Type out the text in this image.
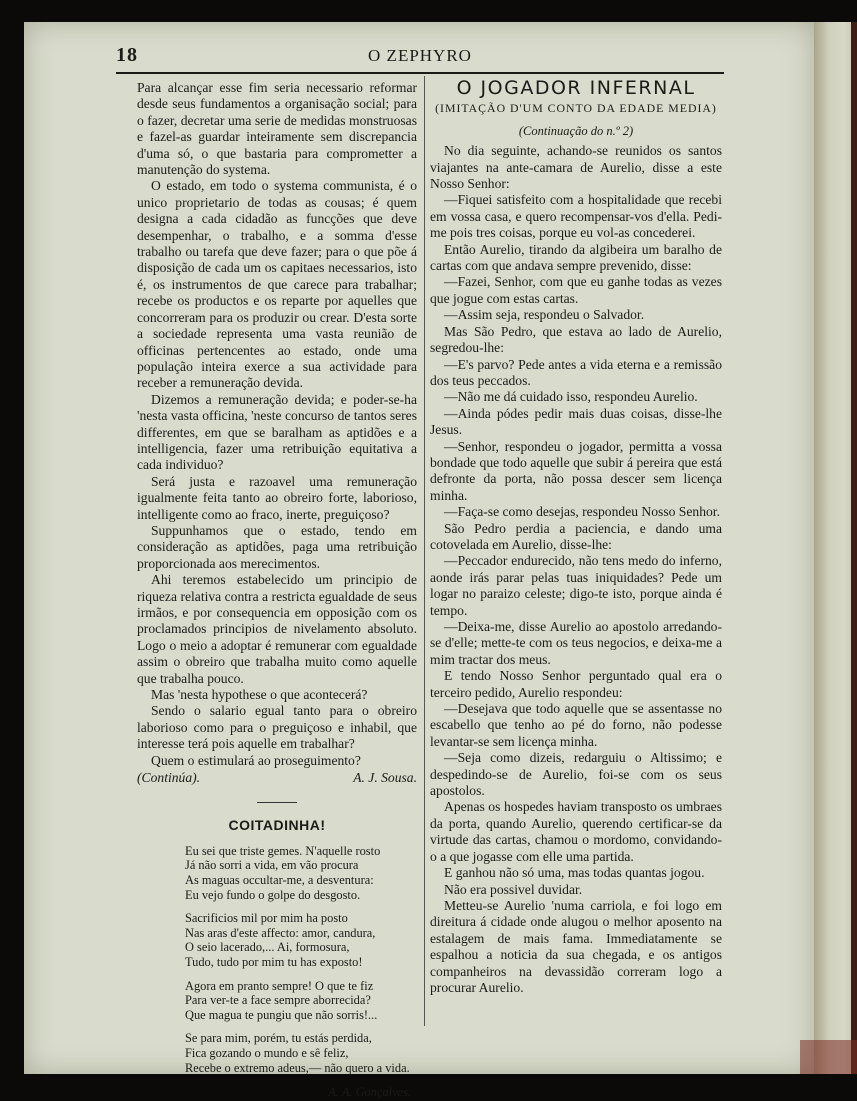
18	O ZEPHYRO

Para alcançar esse fim seria necessario reformar desde seus fundamentos a organisação social; para o fazer, decretar uma serie de medidas monstruosas e fazel-as guardar inteiramente sem discrepancia d'uma só, o que bastaria para comprometter a manutenção do systema.

O estado, em todo o systema communista, é o unico proprietario de todas as cousas; é quem designa a cada cidadão as funcções que deve desempenhar, o trabalho, e a somma d'esse trabalho ou tarefa que deve fazer; para o que põe á disposição de cada um os capitaes necessarios, isto é, os instrumentos de que carece para trabalhar; recebe os productos e os reparte por aquelles que concorreram para os produzir ou crear. D'esta sorte a sociedade representa uma vasta reunião de officinas pertencentes ao estado, onde uma população inteira exerce a sua actividade para receber a remuneração devida.

Dizemos a remuneração devida; e poder-se-ha 'nesta vasta officina, 'neste concurso de tantos seres differentes, em que se baralham as aptidões e a intelligencia, fazer uma retribuição equitativa a cada individuo?

Será justa e razoavel uma remuneração igualmente feita tanto ao obreiro forte, laborioso, intelligente como ao fraco, inerte, preguiçoso?

Suppunhamos que o estado, tendo em consideração as aptidões, paga uma retribuição proporcionada aos merecimentos.

Ahi teremos estabelecido um principio de riqueza relativa contra a restricta egualdade de seus irmãos, e por consequencia em opposição com os proclamados principios de nivelamento absoluto. Logo o meio a adoptar é remunerar com egualdade assim o obreiro que trabalha muito como aquelle que trabalha pouco.

Mas 'nesta hypothese o que acontecerá?

Sendo o salario egual tanto para o obreiro laborioso como para o preguiçoso e inhabil, que interesse terá pois aquelle em trabalhar?

Quem o estimulará ao proseguimento?

(Continúa).	A. J. Sousa.
COITADINHA!
Eu sei que triste gemes. N'aquelle rosto
Já não sorri a vida, em vão procura
As maguas occultar-me, a desventura:
Eu vejo fundo o golpe do desgosto.
Sacrificios mil por mim ha posto
Nas aras d'este affecto: amor, candura,
O seio lacerado,... Ai, formosura,
Tudo, tudo por mim tu has exposto!
Agora em pranto sempre! O que te fiz
Para ver-te a face sempre aborrecida?
Que magua te pungiu que não sorris!...
Se para mim, porém, tu estás perdida,
Fica gozando o mundo e sê feliz,
Recebe o extremo adeus,— não quero a vida.
A. A. Gonçalves.
O JOGADOR INFERNAL
(IMITAÇÃO D'UM CONTO DA EDADE MEDIA)
(Continuação do n.º 2)

No dia seguinte, achando-se reunidos os santos viajantes na ante-camara de Aurelio, disse a este Nosso Senhor:

—Fiquei satisfeito com a hospitalidade que recebi em vossa casa, e quero recompensar-vos d'ella. Pedi-me pois tres coisas, porque eu vol-as concederei.

Então Aurelio, tirando da algibeira um baralho de cartas com que andava sempre prevenido, disse:

—Fazei, Senhor, com que eu ganhe todas as vezes que jogue com estas cartas.

—Assim seja, respondeu o Salvador.

Mas São Pedro, que estava ao lado de Aurelio, segredou-lhe:

—E's parvo? Pede antes a vida eterna e a remissão dos teus peccados.

—Não me dá cuidado isso, respondeu Aurelio.

—Ainda pódes pedir mais duas coisas, disse-lhe Jesus.

—Senhor, respondeu o jogador, permitta a vossa bondade que todo aquelle que subir á pereira que está defronte da porta, não possa descer sem licença minha.

—Faça-se como desejas, respondeu Nosso Senhor.

São Pedro perdia a paciencia, e dando uma cotovelada em Aurelio, disse-lhe:

—Peccador endurecido, não tens medo do inferno, aonde irás parar pelas tuas iniquidades? Pede um logar no paraizo celeste; digo-te isto, porque ainda é tempo.

—Deixa-me, disse Aurelio ao apostolo arredando-se d'elle; mette-te com os teus negocios, e deixa-me a mim tractar dos meus.

E tendo Nosso Senhor perguntado qual era o terceiro pedido, Aurelio respondeu:

—Desejava que todo aquelle que se assentasse no escabello que tenho ao pé do forno, não podesse levantar-se sem licença minha.

—Seja como dizeis, redarguiu o Altissimo; e despedindo-se de Aurelio, foi-se com os seus apostolos.

Apenas os hospedes haviam transposto os umbraes da porta, quando Aurelio, querendo certificar-se da virtude das cartas, chamou o mordomo, convidando-o a que jogasse com elle uma partida.

E ganhou não só uma, mas todas quantas jogou.

Não era possivel duvidar.

Metteu-se Aurelio 'numa carriola, e foi logo em direitura á cidade onde alugou o melhor aposento na estalagem de mais fama. Immediatamente se espalhou a noticia da sua chegada, e os antigos companheiros na devassidão correram logo a procurar Aurelio.
